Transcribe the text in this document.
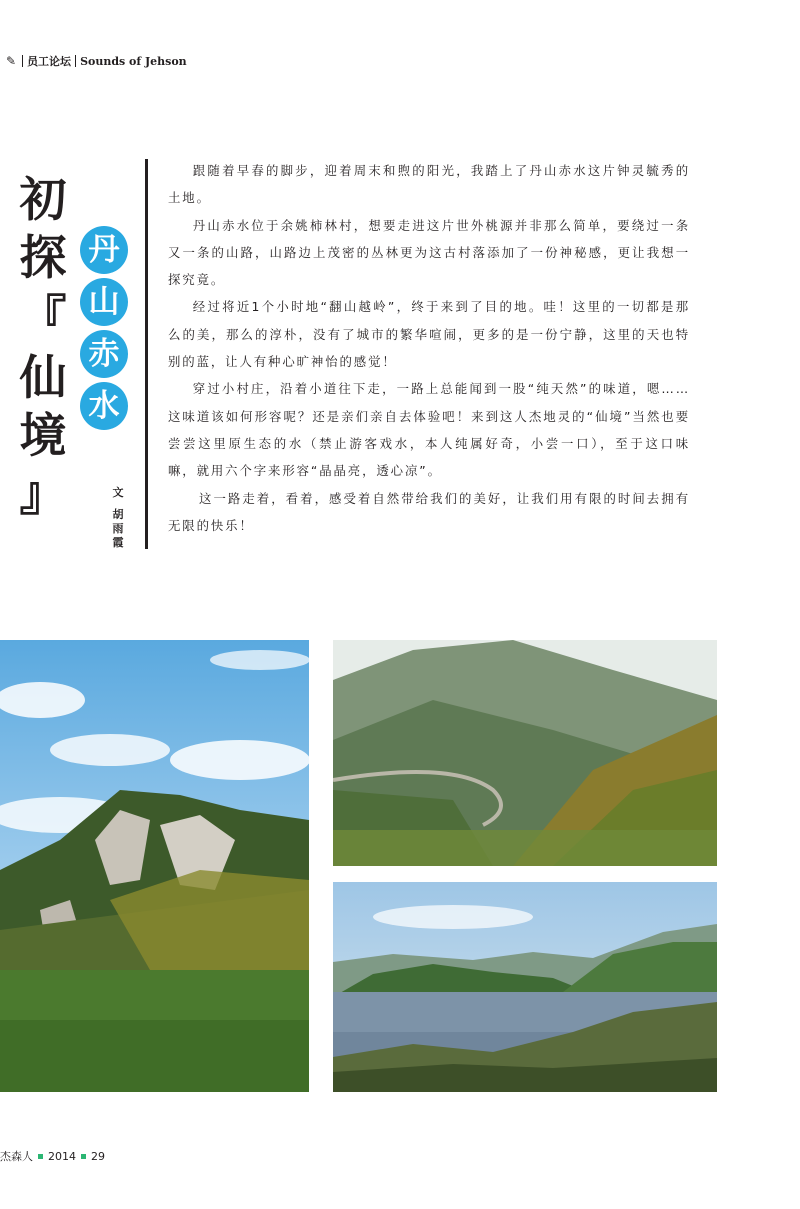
✎ 员工论坛 Sounds of Jehson
初
探
『
仙
境
』
丹
山
赤
水
文
胡
雨
霞

跟随着早春的脚步，迎着周末和煦的阳光，我踏上了丹山赤水这片钟灵毓秀的土地。

丹山赤水位于余姚柿林村，想要走进这片世外桃源并非那么简单，要绕过一条又一条的山路，山路边上茂密的丛林更为这古村落添加了一份神秘感，更让我想一探究竟。

经过将近1个小时地“翻山越岭”，终于来到了目的地。哇！这里的一切都是那么的美，那么的淳朴，没有了城市的繁华喧闹，更多的是一份宁静，这里的天也特别的蓝，让人有种心旷神怡的感觉！

穿过小村庄，沿着小道往下走，一路上总能闻到一股“纯天然”的味道，嗯……这味道该如何形容呢？还是亲们亲自去体验吧！来到这人杰地灵的“仙境”当然也要尝尝这里原生态的水（禁止游客戏水，本人纯属好奇，小尝一口），至于这口味嘛，就用六个字来形容“晶晶亮，透心凉”。

这一路走着，看着，感受着自然带给我们的美好，让我们用有限的时间去拥有无限的快乐！

杰森人 2014 29
